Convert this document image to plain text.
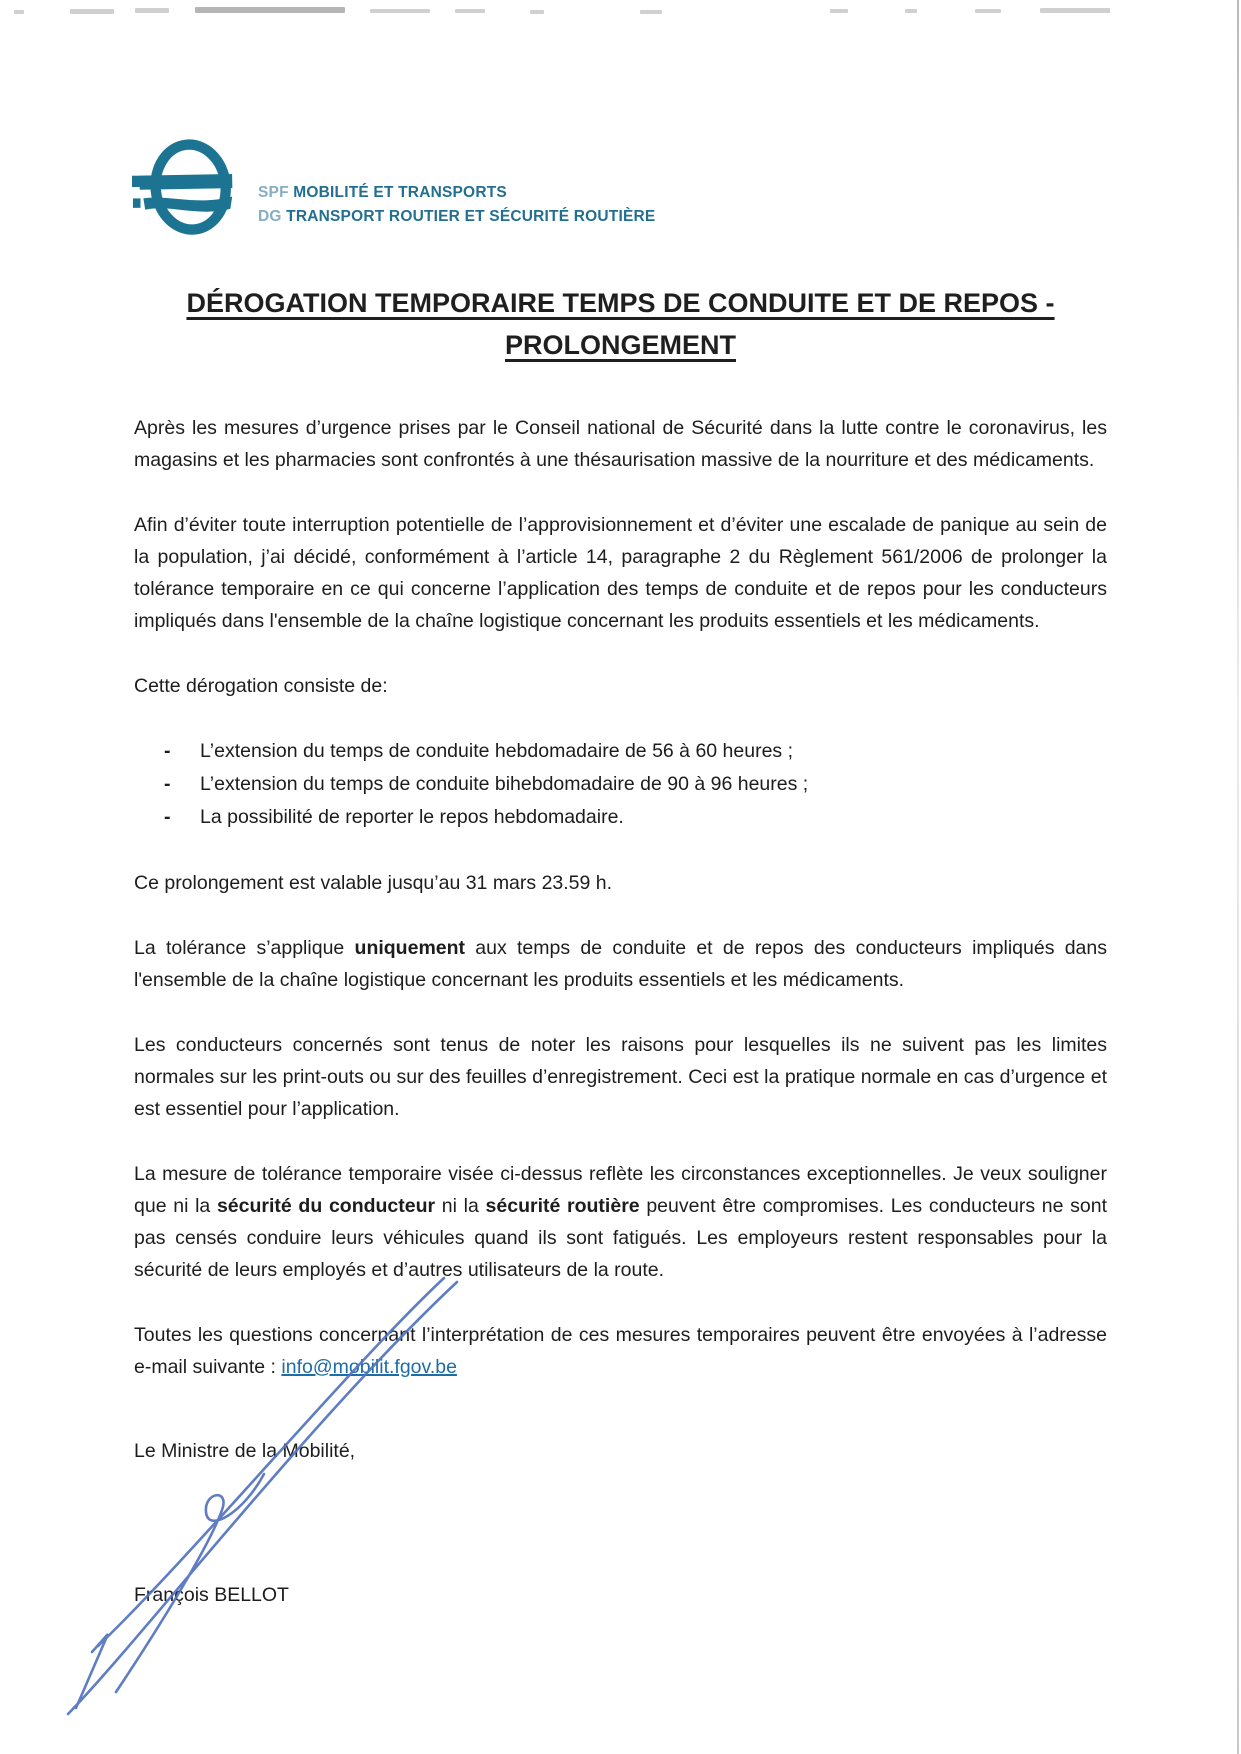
SPF MOBILITÉ ET TRANSPORTS
DG TRANSPORT ROUTIER ET SÉCURITÉ ROUTIÈRE
DÉROGATION TEMPORAIRE TEMPS DE CONDUITE ET DE REPOS -
PROLONGEMENT

Après les mesures d’urgence prises par le Conseil national de Sécurité dans la lutte contre le coronavirus, les magasins et les pharmacies sont confrontés à une thésaurisation massive de la nourriture et des médicaments.

Afin d’éviter toute interruption potentielle de l’approvisionnement et d’éviter une escalade de panique au sein de la population, j’ai décidé, conformément à l’article 14, paragraphe 2 du Règlement 561/2006 de prolonger la tolérance temporaire en ce qui concerne l’application des temps de conduite et de repos pour les conducteurs impliqués dans l'ensemble de la chaîne logistique concernant les produits essentiels et les médicaments.

Cette dérogation consiste de:

-	L’extension du temps de conduite hebdomadaire de 56 à 60 heures ;
-	L’extension du temps de conduite bihebdomadaire de 90 à 96 heures ;
-	La possibilité de reporter le repos hebdomadaire.

Ce prolongement est valable jusqu’au 31 mars 23.59 h.

La tolérance s’applique uniquement aux temps de conduite et de repos des conducteurs impliqués dans l'ensemble de la chaîne logistique concernant les produits essentiels et les médicaments.

Les conducteurs concernés sont tenus de noter les raisons pour lesquelles ils ne suivent pas les limites normales sur les print-outs ou sur des feuilles d’enregistrement. Ceci est la pratique normale en cas d’urgence et est essentiel pour l’application.

La mesure de tolérance temporaire visée ci-dessus reflète les circonstances exceptionnelles. Je veux souligner que ni la sécurité du conducteur ni la sécurité routière peuvent être compromises. Les conducteurs ne sont pas censés conduire leurs véhicules quand ils sont fatigués. Les employeurs restent responsables pour la sécurité de leurs employés et d’autres utilisateurs de la route.

Toutes les questions concernant l’interprétation de ces mesures temporaires peuvent être envoyées à l’adresse e-mail suivante : info@mobilit.fgov.be

Le Ministre de la Mobilité,

François BELLOT
